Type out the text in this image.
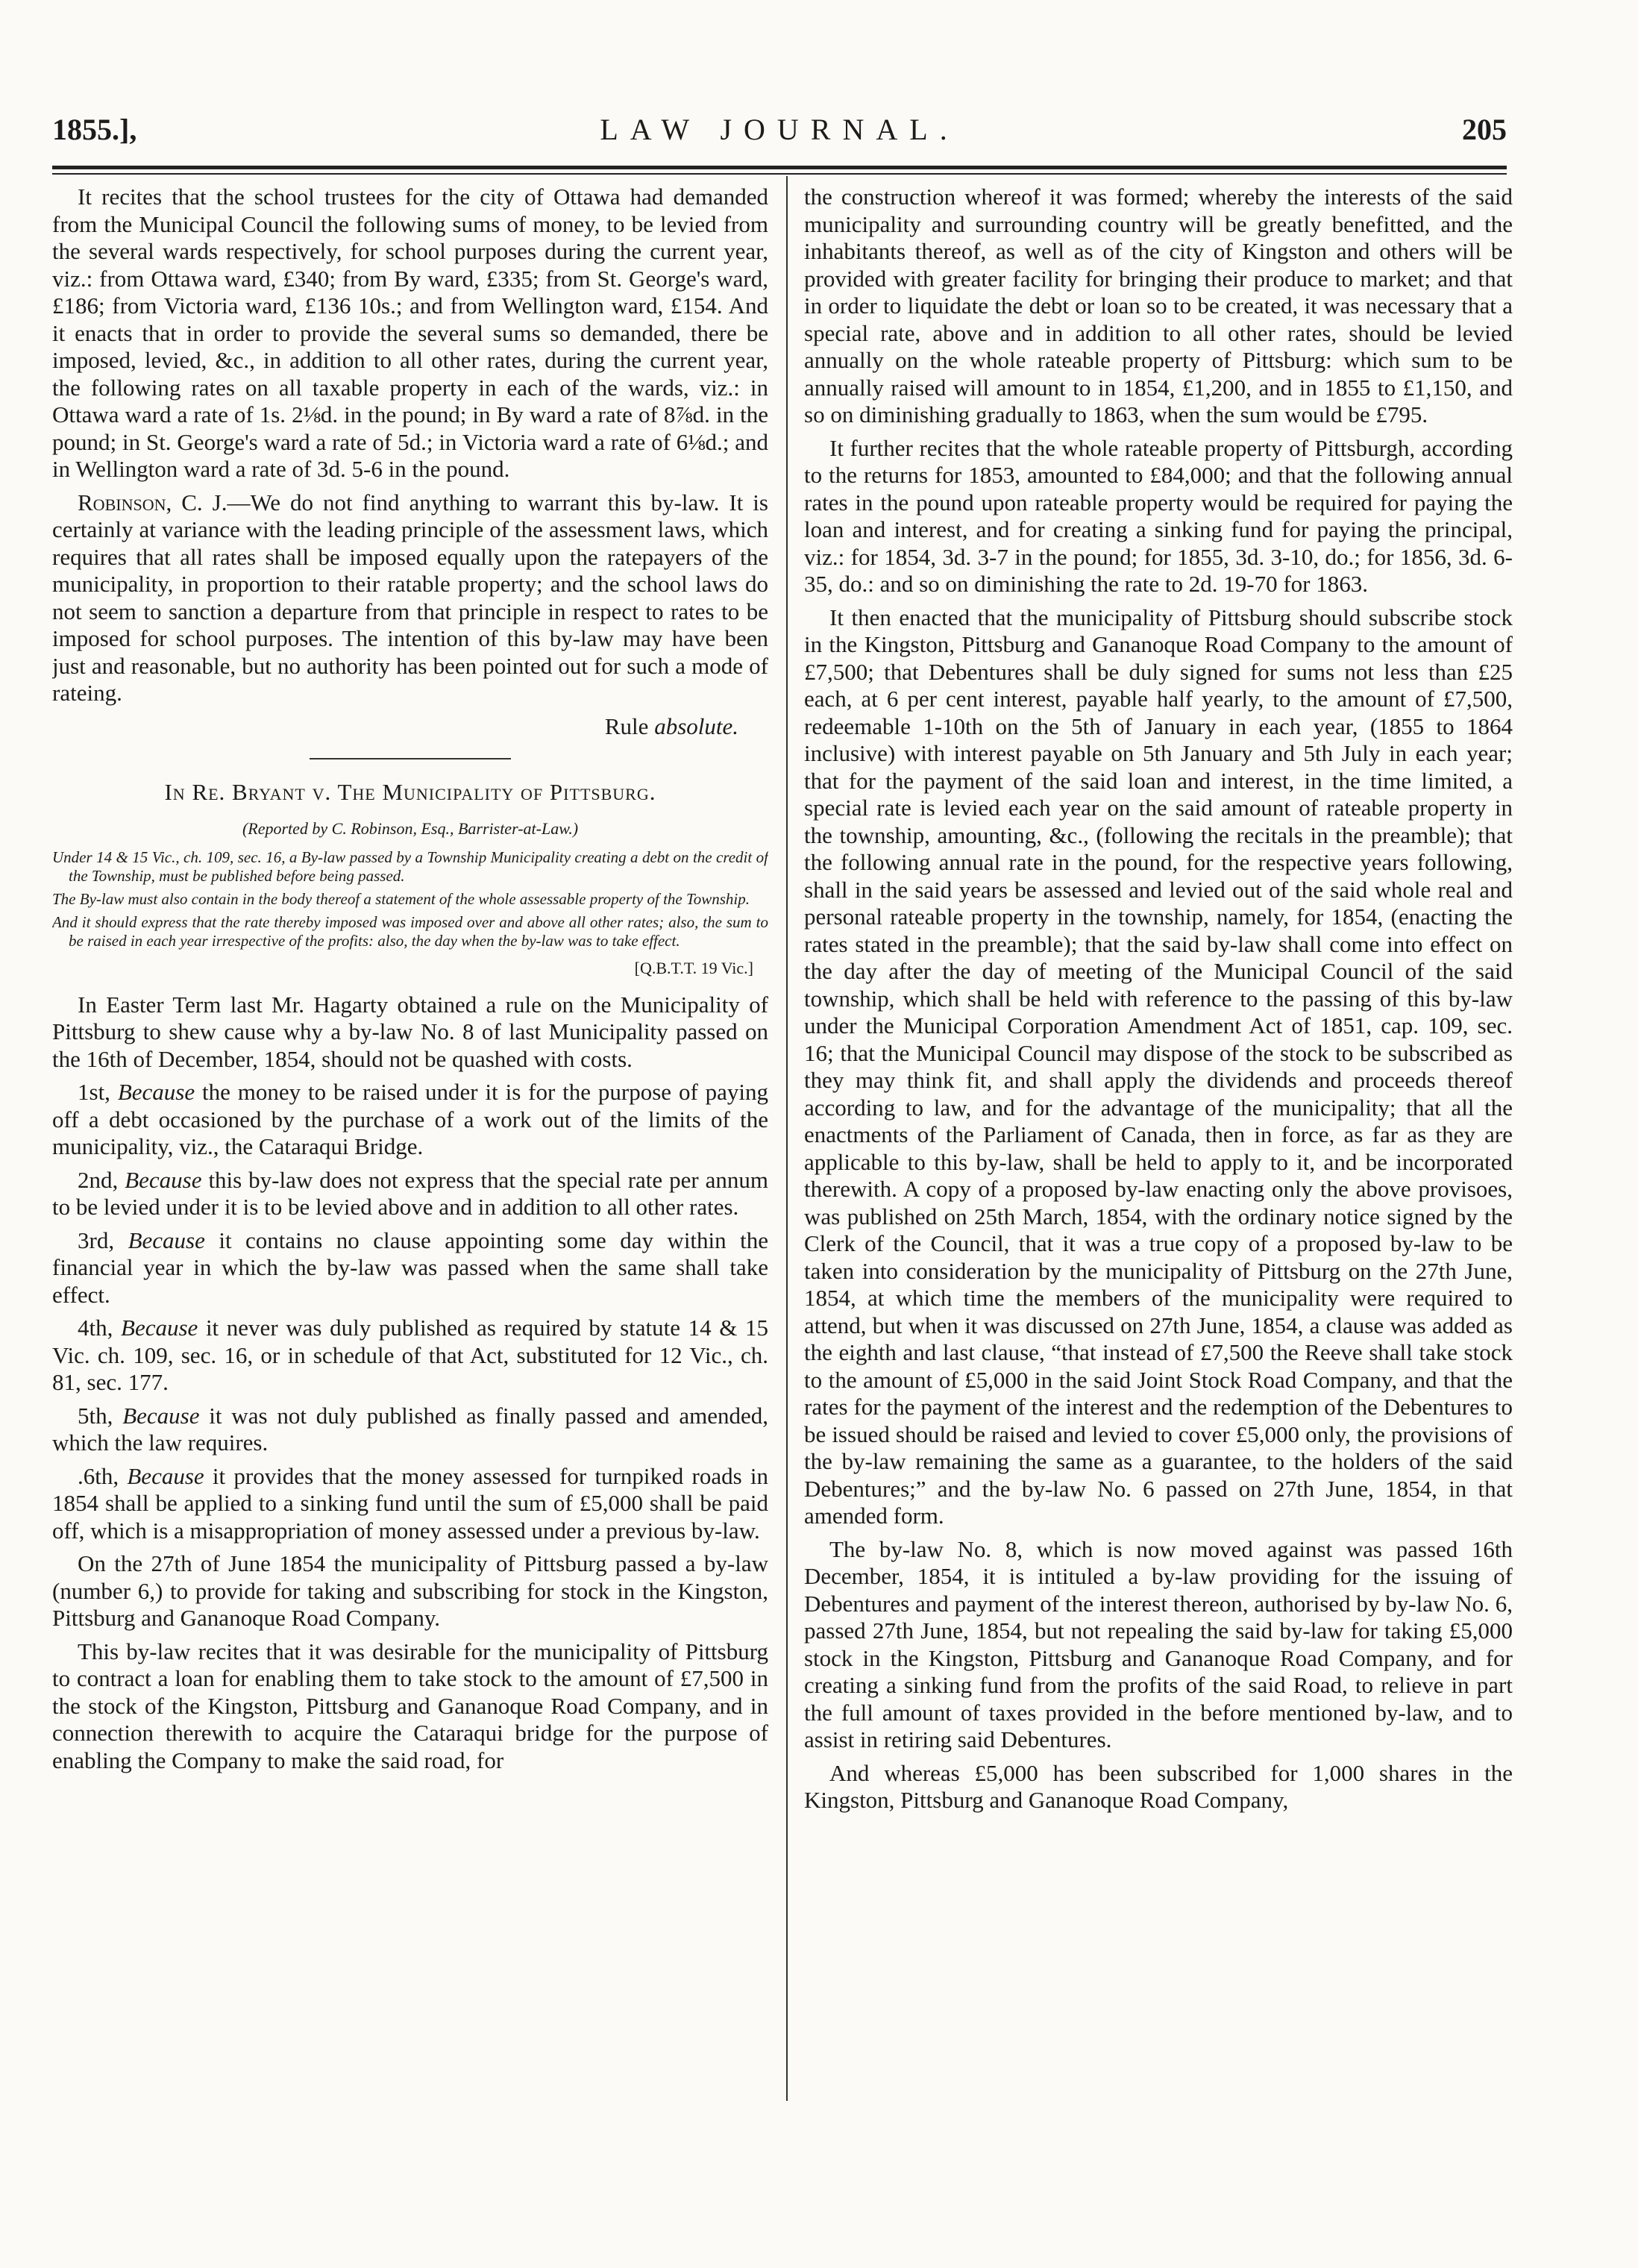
1855.],	LAW JOURNAL.	205

It recites that the school trustees for the city of Ottawa had demanded from the Municipal Council the following sums of money, to be levied from the several wards respectively, for school purposes during the current year, viz.: from Ottawa ward, £340; from By ward, £335; from St. George's ward, £186; from Victoria ward, £136 10s.; and from Wellington ward, £154. And it enacts that in order to provide the several sums so demanded, there be imposed, levied, &c., in addition to all other rates, during the current year, the following rates on all taxable property in each of the wards, viz.: in Ottawa ward a rate of 1s. 2⅛d. in the pound; in By ward a rate of 8⅞d. in the pound; in St. George's ward a rate of 5d.; in Victoria ward a rate of 6⅛d.; and in Wellington ward a rate of 3d. 5-6 in the pound.

Robinson, C. J.—We do not find anything to warrant this by-law. It is certainly at variance with the leading principle of the assessment laws, which requires that all rates shall be imposed equally upon the ratepayers of the municipality, in proportion to their ratable property; and the school laws do not seem to sanction a departure from that principle in respect to rates to be imposed for school purposes. The intention of this by-law may have been just and reasonable, but no authority has been pointed out for such a mode of rateing.

Rule absolute.
In Re. Bryant v. The Municipality of Pittsburg.
(Reported by C. Robinson, Esq., Barrister-at-Law.)
Under 14 & 15 Vic., ch. 109, sec. 16, a By-law passed by a Township Municipality creating a debt on the credit of the Township, must be published before being passed.
The By-law must also contain in the body thereof a statement of the whole assessable property of the Township.
And it should express that the rate thereby imposed was imposed over and above all other rates; also, the sum to be raised in each year irrespective of the profits: also, the day when the by-law was to take effect.
[Q.B.T.T. 19 Vic.]

In Easter Term last Mr. Hagarty obtained a rule on the Municipality of Pittsburg to shew cause why a by-law No. 8 of last Municipality passed on the 16th of December, 1854, should not be quashed with costs.

1st, Because the money to be raised under it is for the purpose of paying off a debt occasioned by the purchase of a work out of the limits of the municipality, viz., the Cataraqui Bridge.

2nd, Because this by-law does not express that the special rate per annum to be levied under it is to be levied above and in addition to all other rates.

3rd, Because it contains no clause appointing some day within the financial year in which the by-law was passed when the same shall take effect.

4th, Because it never was duly published as required by statute 14 & 15 Vic. ch. 109, sec. 16, or in schedule of that Act, substituted for 12 Vic., ch. 81, sec. 177.

5th, Because it was not duly published as finally passed and amended, which the law requires.

.6th, Because it provides that the money assessed for turnpiked roads in 1854 shall be applied to a sinking fund until the sum of £5,000 shall be paid off, which is a misappropriation of money assessed under a previous by-law.

On the 27th of June 1854 the municipality of Pittsburg passed a by-law (number 6,) to provide for taking and subscribing for stock in the Kingston, Pittsburg and Gananoque Road Company.

This by-law recites that it was desirable for the municipality of Pittsburg to contract a loan for enabling them to take stock to the amount of £7,500 in the stock of the Kingston, Pittsburg and Gananoque Road Company, and in connection therewith to acquire the Cataraqui bridge for the purpose of enabling the Company to make the said road, for

the construction whereof it was formed; whereby the interests of the said municipality and surrounding country will be greatly benefitted, and the inhabitants thereof, as well as of the city of Kingston and others will be provided with greater facility for bringing their produce to market; and that in order to liquidate the debt or loan so to be created, it was necessary that a special rate, above and in addition to all other rates, should be levied annually on the whole rateable property of Pittsburg: which sum to be annually raised will amount to in 1854, £1,200, and in 1855 to £1,150, and so on diminishing gradually to 1863, when the sum would be £795.

It further recites that the whole rateable property of Pittsburgh, according to the returns for 1853, amounted to £84,000; and that the following annual rates in the pound upon rateable property would be required for paying the loan and interest, and for creating a sinking fund for paying the principal, viz.: for 1854, 3d. 3-7 in the pound; for 1855, 3d. 3-10, do.; for 1856, 3d. 6-35, do.: and so on diminishing the rate to 2d. 19-70 for 1863.

It then enacted that the municipality of Pittsburg should subscribe stock in the Kingston, Pittsburg and Gananoque Road Company to the amount of £7,500; that Debentures shall be duly signed for sums not less than £25 each, at 6 per cent interest, payable half yearly, to the amount of £7,500, redeemable 1-10th on the 5th of January in each year, (1855 to 1864 inclusive) with interest payable on 5th January and 5th July in each year; that for the payment of the said loan and interest, in the time limited, a special rate is levied each year on the said amount of rateable property in the township, amounting, &c., (following the recitals in the preamble); that the following annual rate in the pound, for the respective years following, shall in the said years be assessed and levied out of the said whole real and personal rateable property in the township, namely, for 1854, (enacting the rates stated in the preamble); that the said by-law shall come into effect on the day after the day of meeting of the Municipal Council of the said township, which shall be held with reference to the passing of this by-law under the Municipal Corporation Amendment Act of 1851, cap. 109, sec. 16; that the Municipal Council may dispose of the stock to be subscribed as they may think fit, and shall apply the dividends and proceeds thereof according to law, and for the advantage of the municipality; that all the enactments of the Parliament of Canada, then in force, as far as they are applicable to this by-law, shall be held to apply to it, and be incorporated therewith. A copy of a proposed by-law enacting only the above provisoes, was published on 25th March, 1854, with the ordinary notice signed by the Clerk of the Council, that it was a true copy of a proposed by-law to be taken into consideration by the municipality of Pittsburg on the 27th June, 1854, at which time the members of the municipality were required to attend, but when it was discussed on 27th June, 1854, a clause was added as the eighth and last clause, “that instead of £7,500 the Reeve shall take stock to the amount of £5,000 in the said Joint Stock Road Company, and that the rates for the payment of the interest and the redemption of the Debentures to be issued should be raised and levied to cover £5,000 only, the provisions of the by-law remaining the same as a guarantee, to the holders of the said Debentures;” and the by-law No. 6 passed on 27th June, 1854, in that amended form.

The by-law No. 8, which is now moved against was passed 16th December, 1854, it is intituled a by-law providing for the issuing of Debentures and payment of the interest thereon, authorised by by-law No. 6, passed 27th June, 1854, but not repealing the said by-law for taking £5,000 stock in the Kingston, Pittsburg and Gananoque Road Company, and for creating a sinking fund from the profits of the said Road, to relieve in part the full amount of taxes provided in the before mentioned by-law, and to assist in retiring said Debentures.

And whereas £5,000 has been subscribed for 1,000 shares in the Kingston, Pittsburg and Gananoque Road Company,
